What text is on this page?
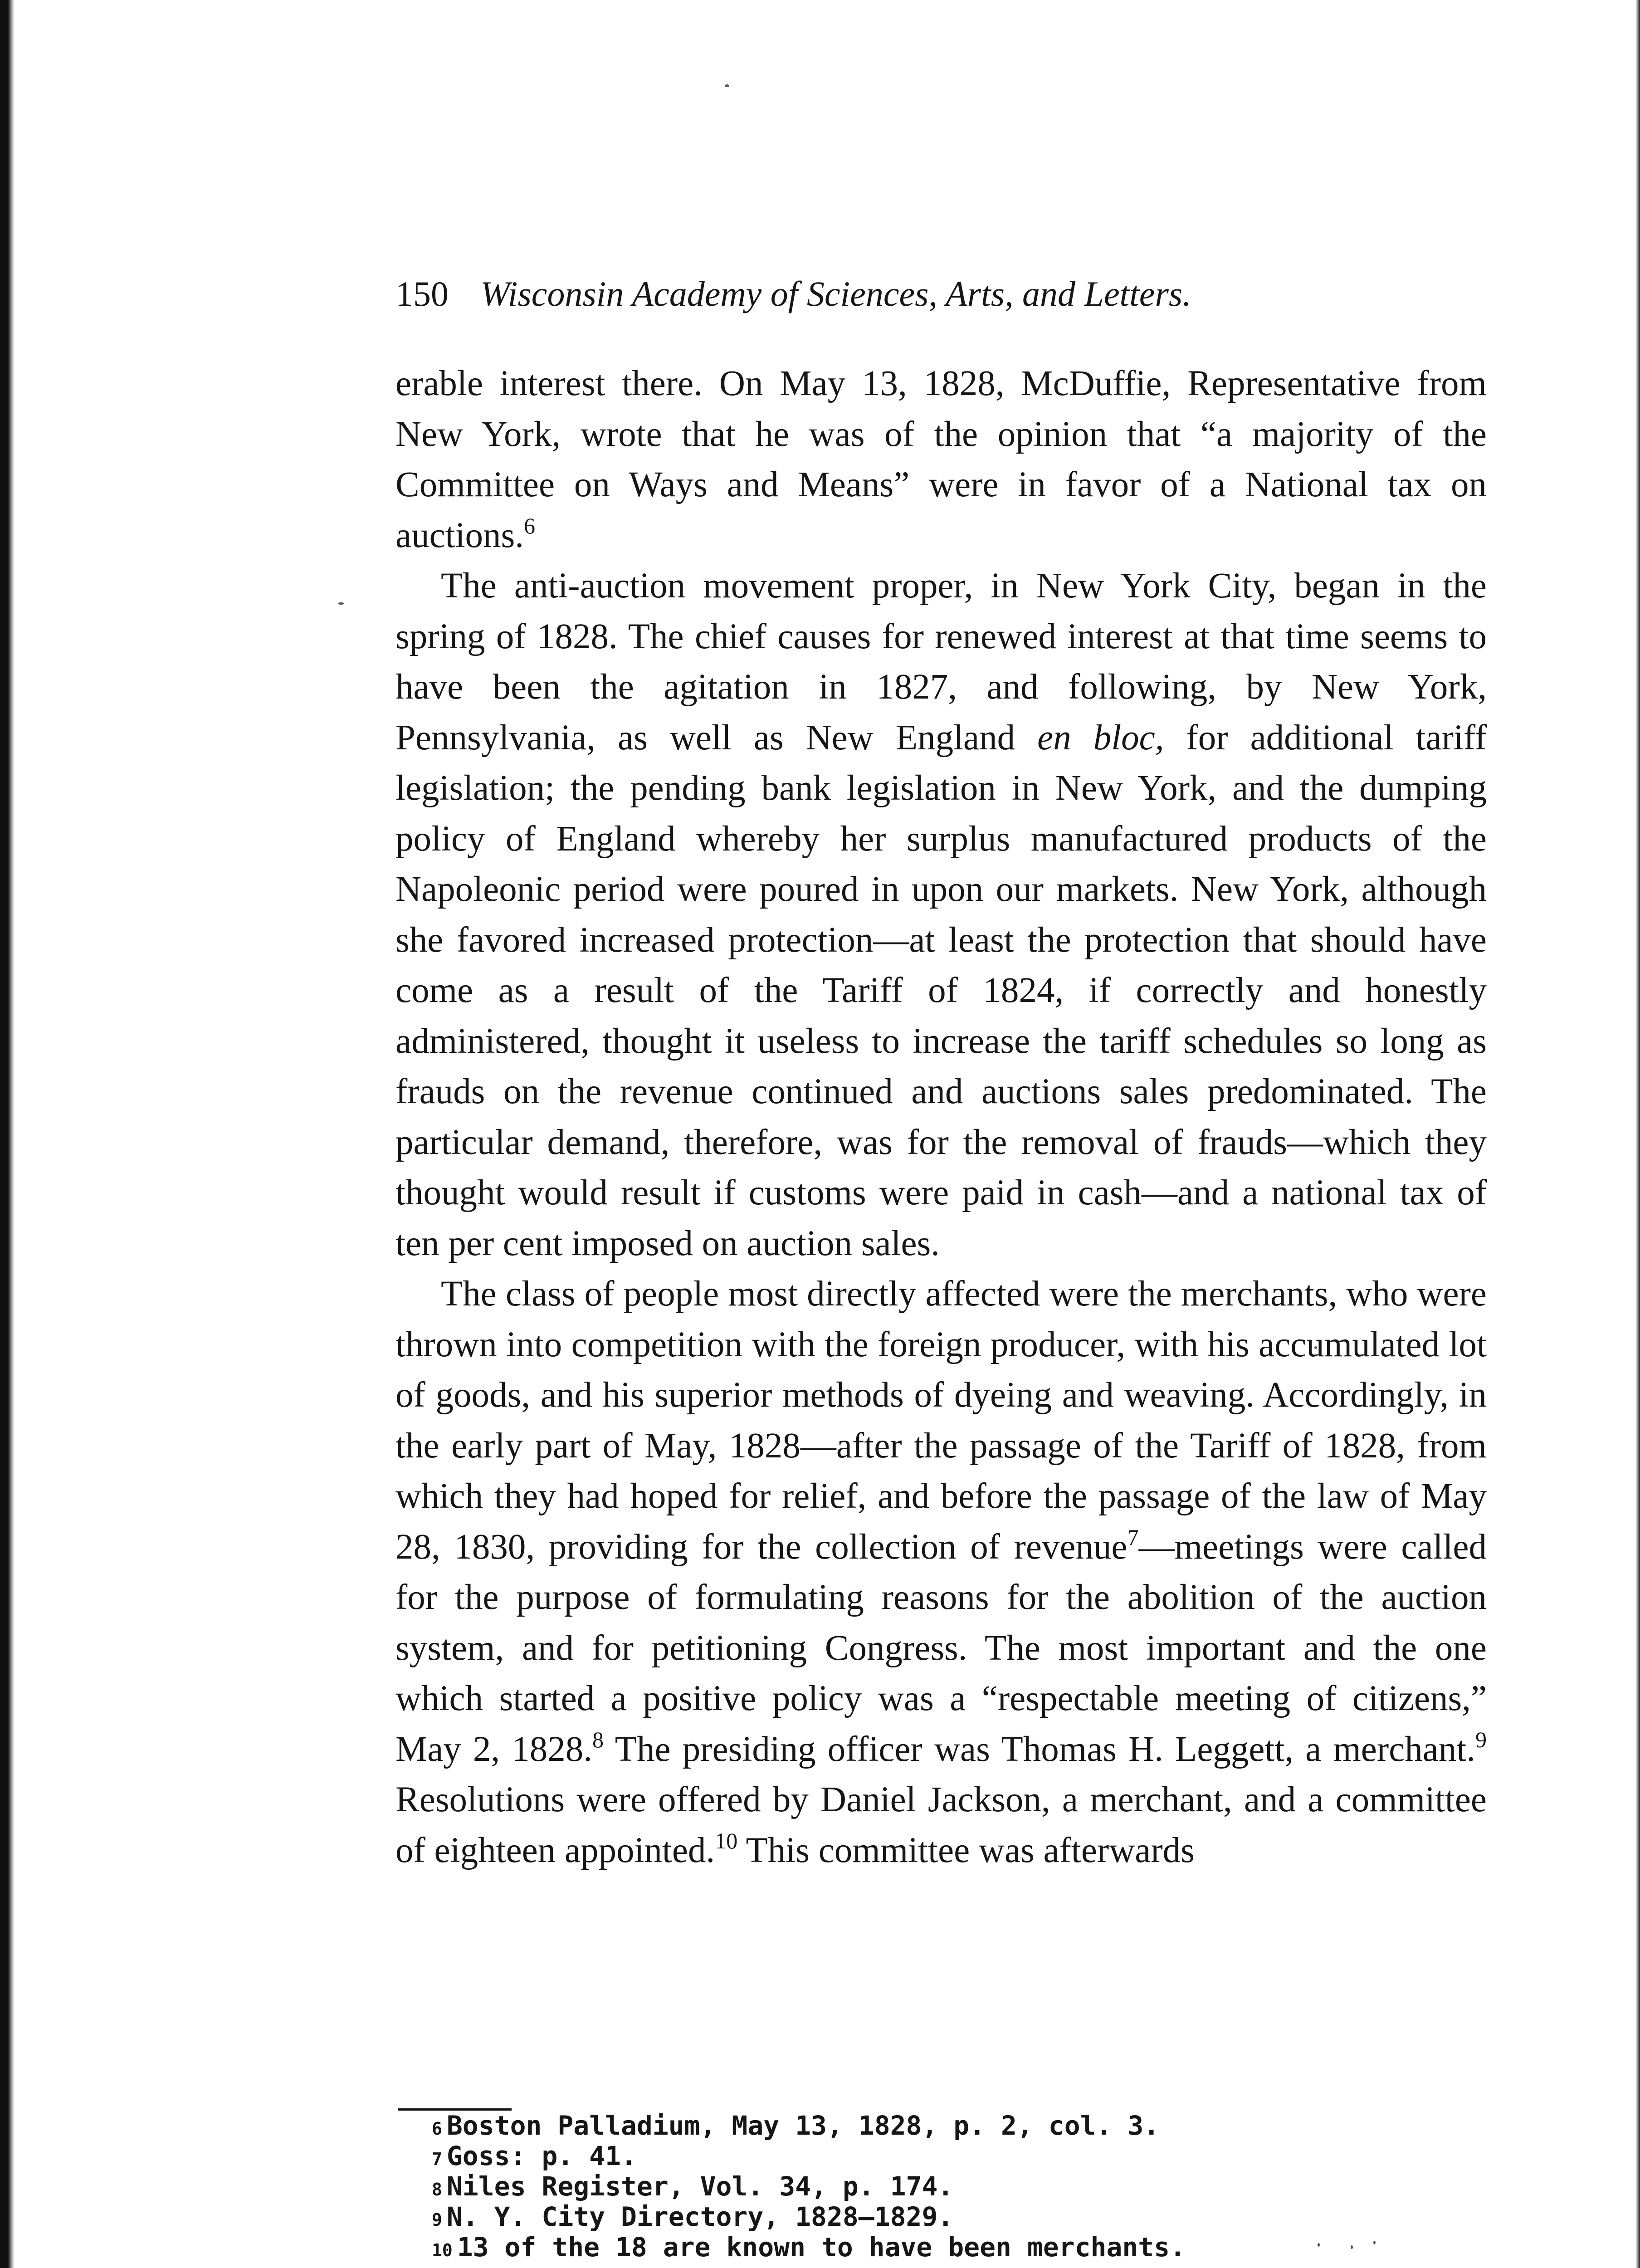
150 Wisconsin Academy of Sciences, Arts, and Letters.

erable interest there. On May 13, 1828, McDuffie, Representative from New York, wrote that he was of the opinion that “a majority of the Committee on Ways and Means” were in favor of a National tax on auctions.$^6$

The anti-auction movement proper, in New York City, began in the spring of 1828. The chief causes for renewed interest at that time seems to have been the agitation in 1827, and following, by New York, Pennsylvania, as well as New England en bloc, for additional tariff legislation; the pending bank legislation in New York, and the dumping policy of England whereby her surplus manufactured products of the Napoleonic period were poured in upon our markets. New York, although she favored increased protection—at least the protection that should have come as a result of the Tariff of 1824, if correctly and honestly administered, thought it useless to increase the tariff schedules so long as frauds on the revenue continued and auctions sales predominated. The particular demand, therefore, was for the removal of frauds—which they thought would result if customs were paid in cash—and a national tax of ten per cent imposed on auction sales.

The class of people most directly affected were the merchants, who were thrown into competition with the foreign producer, with his accumulated lot of goods, and his superior methods of dyeing and weaving. Accordingly, in the early part of May, 1828—after the passage of the Tariff of 1828, from which they had hoped for relief, and before the passage of the law of May 28, 1830, providing for the collection of revenue$^7$—meetings were called for the purpose of formulating reasons for the abolition of the auction system, and for petitioning Congress. The most important and the one which started a positive policy was a “respectable meeting of citizens,” May 2, 1828.$^8$ The presiding officer was Thomas H. Leggett, a merchant.$^9$ Resolutions were offered by Daniel Jackson, a merchant, and a committee of eighteen appointed.$^{10}$ This committee was afterwards

6 Boston Palladium, May 13, 1828, p. 2, col. 3.
7 Goss: p. 41.
8 Niles Register, Vol. 34, p. 174.
9 N. Y. City Directory, 1828–1829.
10 13 of the 18 are known to have been merchants.
